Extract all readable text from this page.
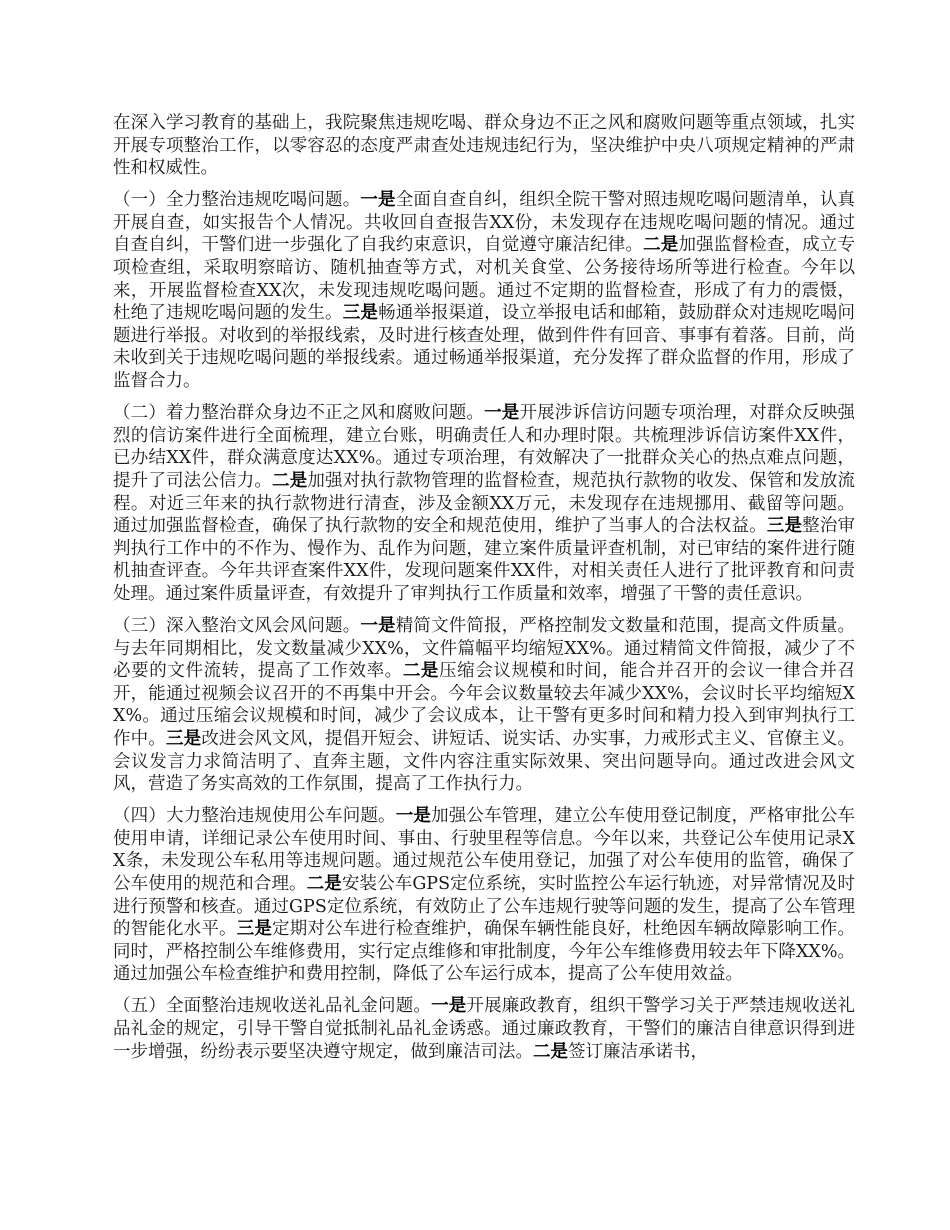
在深入学习教育的基础上，我院聚焦违规吃喝、群众身边不正之风和腐败问题等重点领域，扎实开展专项整治工作，以零容忍的态度严肃查处违规违纪行为，坚决维护中央八项规定精神的严肃性和权威性。

（一）全力整治违规吃喝问题。一是全面自查自纠，组织全院干警对照违规吃喝问题清单，认真开展自查，如实报告个人情况。共收回自查报告XX份，未发现存在违规吃喝问题的情况。通过自查自纠，干警们进一步强化了自我约束意识，自觉遵守廉洁纪律。二是加强监督检查，成立专项检查组，采取明察暗访、随机抽查等方式，对机关食堂、公务接待场所等进行检查。今年以来，开展监督检查XX次，未发现违规吃喝问题。通过不定期的监督检查，形成了有力的震慑，杜绝了违规吃喝问题的发生。三是畅通举报渠道，设立举报电话和邮箱，鼓励群众对违规吃喝问题进行举报。对收到的举报线索，及时进行核查处理，做到件件有回音、事事有着落。目前，尚未收到关于违规吃喝问题的举报线索。通过畅通举报渠道，充分发挥了群众监督的作用，形成了监督合力。

（二）着力整治群众身边不正之风和腐败问题。一是开展涉诉信访问题专项治理，对群众反映强烈的信访案件进行全面梳理，建立台账，明确责任人和办理时限。共梳理涉诉信访案件XX件，已办结XX件，群众满意度达XX%。通过专项治理，有效解决了一批群众关心的热点难点问题，提升了司法公信力。二是加强对执行款物管理的监督检查，规范执行款物的收发、保管和发放流程。对近三年来的执行款物进行清查，涉及金额XX万元，未发现存在违规挪用、截留等问题。通过加强监督检查，确保了执行款物的安全和规范使用，维护了当事人的合法权益。三是整治审判执行工作中的不作为、慢作为、乱作为问题，建立案件质量评查机制，对已审结的案件进行随机抽查评查。今年共评查案件XX件，发现问题案件XX件，对相关责任人进行了批评教育和问责处理。通过案件质量评查，有效提升了审判执行工作质量和效率，增强了干警的责任意识。

（三）深入整治文风会风问题。一是精简文件简报，严格控制发文数量和范围，提高文件质量。与去年同期相比，发文数量减少XX%，文件篇幅平均缩短XX%。通过精简文件简报，减少了不必要的文件流转，提高了工作效率。二是压缩会议规模和时间，能合并召开的会议一律合并召开，能通过视频会议召开的不再集中开会。今年会议数量较去年减少XX%，会议时长平均缩短XX%。通过压缩会议规模和时间，减少了会议成本，让干警有更多时间和精力投入到审判执行工作中。三是改进会风文风，提倡开短会、讲短话、说实话、办实事，力戒形式主义、官僚主义。会议发言力求简洁明了、直奔主题，文件内容注重实际效果、突出问题导向。通过改进会风文风，营造了务实高效的工作氛围，提高了工作执行力。

（四）大力整治违规使用公车问题。一是加强公车管理，建立公车使用登记制度，严格审批公车使用申请，详细记录公车使用时间、事由、行驶里程等信息。今年以来，共登记公车使用记录XX条，未发现公车私用等违规问题。通过规范公车使用登记，加强了对公车使用的监管，确保了公车使用的规范和合理。二是安装公车GPS定位系统，实时监控公车运行轨迹，对异常情况及时进行预警和核查。通过GPS定位系统，有效防止了公车违规行驶等问题的发生，提高了公车管理的智能化水平。三是定期对公车进行检查维护，确保车辆性能良好，杜绝因车辆故障影响工作。同时，严格控制公车维修费用，实行定点维修和审批制度，今年公车维修费用较去年下降XX%。通过加强公车检查维护和费用控制，降低了公车运行成本，提高了公车使用效益。

（五）全面整治违规收送礼品礼金问题。一是开展廉政教育，组织干警学习关于严禁违规收送礼品礼金的规定，引导干警自觉抵制礼品礼金诱惑。通过廉政教育，干警们的廉洁自律意识得到进一步增强，纷纷表示要坚决遵守规定，做到廉洁司法。二是签订廉洁承诺书，
